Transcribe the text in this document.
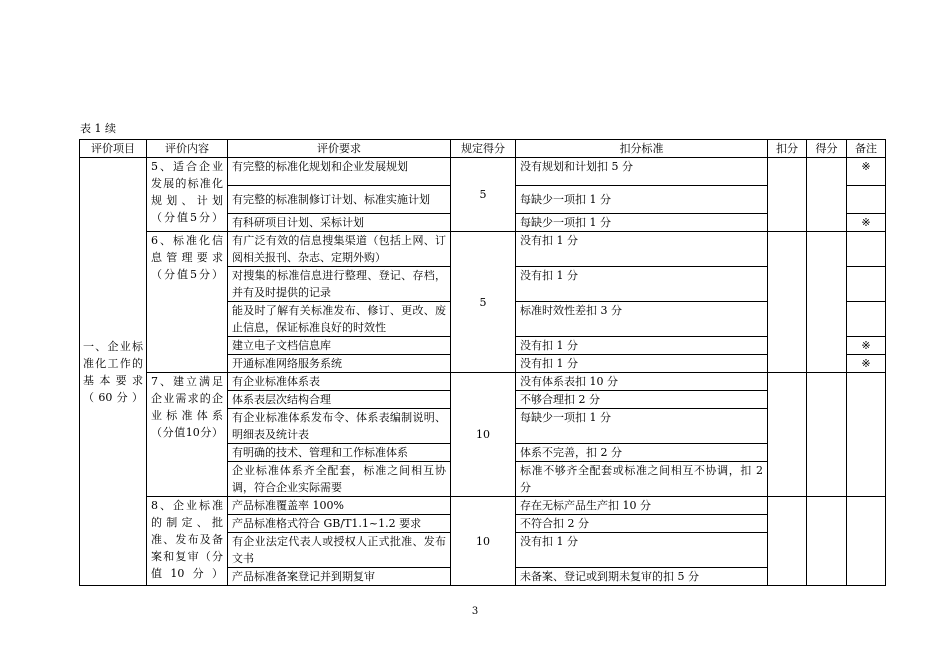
表 1 续
评价项目	评价内容	评价要求	规定得分	扣分标准	扣分	得分	备注
一、企业标准化工作的基本要求（60分）	5、适合企业发展的标准化规划、计划（分值5分）	有完整的标准化规划和企业发展规划	5	没有规划和计划扣 5 分			※
		有完整的标准制修订计划、标准实施计划		每缺少一项扣 1 分			
		有科研项目计划、采标计划		每缺少一项扣 1 分			※
	6、标准化信息管理要求（分值5分）	有广泛有效的信息搜集渠道（包括上网、订阅相关报刊、杂志、定期外购）	5	没有扣 1 分			
		对搜集的标准信息进行整理、登记、存档，并有及时提供的记录		没有扣 1 分			
		能及时了解有关标准发布、修订、更改、废止信息，保证标准良好的时效性		标准时效性差扣 3 分			
		建立电子文档信息库		没有扣 1 分			※
		开通标准网络服务系统		没有扣 1 分			※
	7、建立满足企业需求的企业标准体系（分值10分）	有企业标准体系表	10	没有体系表扣 10 分			
		体系表层次结构合理		不够合理扣 2 分			
		有企业标准体系发布令、体系表编制说明、明细表及统计表		每缺少一项扣 1 分			
		有明确的技术、管理和工作标准体系		体系不完善，扣 2 分			
		企业标准体系齐全配套，标准之间相互协调，符合企业实际需要		标准不够齐全配套或标准之间相互不协调，扣 2 分			
	8、企业标准的制定、批准、发布及备案和复审（分值10分）	产品标准覆盖率 100%	10	存在无标产品生产扣 10 分			
		产品标准格式符合 GB/T1.1~1.2 要求		不符合扣 2 分			
		有企业法定代表人或授权人正式批准、发布文书		没有扣 1 分			
		产品标准备案登记并到期复审		未备案、登记或到期未复审的扣 5 分			
3
